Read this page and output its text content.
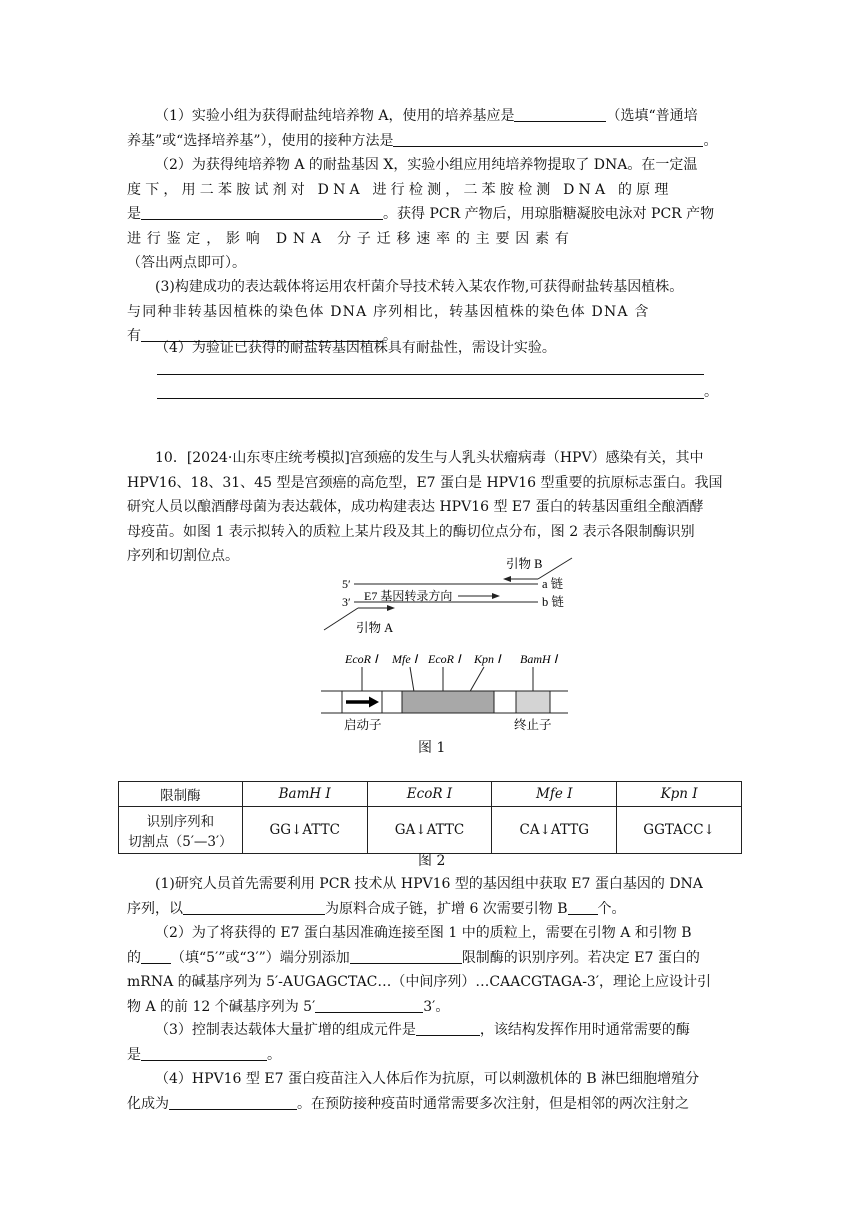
（1）实验小组为获得耐盐纯培养物 A，使用的培养基应是	（选填“普通培
养基”或“选择培养基”），使用的接种方法是	。
（2）为获得纯培养物 A 的耐盐基因 X，实验小组应用纯培养物提取了 DNA。在一定温
度下，用二苯胺试剂对 DNA 进行检测，二苯胺检测 DNA 的原理
是	。获得 PCR 产物后，用琼脂糖凝胶电泳对 PCR 产物
进行鉴定，影响 DNA 分子迁移速率的主要因素有
（答出两点即可）。
(3)构建成功的表达载体将运用农杆菌介导技术转入某农作物,可获得耐盐转基因植株。
与同种非转基因植株的染色体 DNA 序列相比，转基因植株的染色体 DNA 含
有	。
（4）为验证已获得的耐盐转基因植株具有耐盐性，需设计实验。
。
10．[2024·山东枣庄统考模拟]宫颈癌的发生与人乳头状瘤病毒（HPV）感染有关，其中
HPV16、18、31、45 型是宫颈癌的高危型，E7 蛋白是 HPV16 型重要的抗原标志蛋白。我国
研究人员以酿酒酵母菌为表达载体，成功构建表达 HPV16 型 E7 蛋白的转基因重组全酿酒酵
母疫苗。如图 1 表示拟转入的质粒上某片段及其上的酶切位点分布，图 2 表示各限制酶识别
序列和切割位点。	引物 B
5′	a 链
E7 基因转录方向
3′	b 链
引物 A
EcoR Ⅰ Mfe Ⅰ EcoR Ⅰ Kpn Ⅰ BamH Ⅰ
启动子	终止子
图 1
限制酶	BamH Ⅰ	EcoR Ⅰ	Mfe Ⅰ	Kpn Ⅰ

识别序列和
切割点（5′—3′）	GG↓ATTC	GA↓ATTC	CA↓ATTG	GGTACC↓
图 2
(1)研究人员首先需要利用 PCR 技术从 HPV16 型的基因组中获取 E7 蛋白基因的 DNA
序列，以	为原料合成子链，扩增 6 次需要引物 B 个。
（2）为了将获得的 E7 蛋白基因准确连接至图 1 中的质粒上，需要在引物 A 和引物 B
的 （填“5′”或“3′”）端分别添加	限制酶的识别序列。若决定 E7 蛋白的
mRNA 的碱基序列为 5′-AUGAGCTAC…（中间序列）…CAACGTAGA-3′，理论上应设计引
物 A 的前 12 个碱基序列为 5′	3′。
（3）控制表达载体大量扩增的组成元件是	，该结构发挥作用时通常需要的酶
是	。
（4）HPV16 型 E7 蛋白疫苗注入人体后作为抗原，可以刺激机体的 B 淋巴细胞增殖分
化成为	。在预防接种疫苗时通常需要多次注射，但是相邻的两次注射之
